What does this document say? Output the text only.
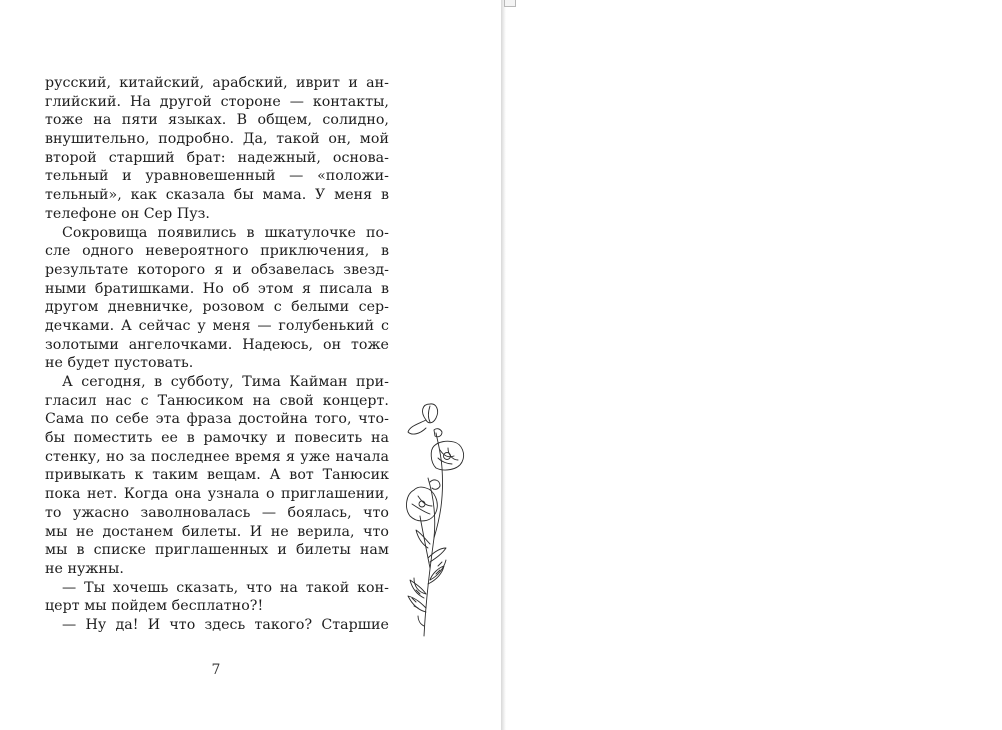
русский, китайский, арабский, иврит и ан-
глийский. На другой стороне — контакты,
тоже на пяти языках. В общем, солидно,
внушительно, подробно. Да, такой он, мой
второй старший брат: надежный, основа-
тельный и уравновешенный — «положи-
тельный», как сказала бы мама. У меня в
телефоне он Сер Пуз.
Сокровища появились в шкатулочке по-
сле одного невероятного приключения, в
результате которого я и обзавелась звезд-
ными братишками. Но об этом я писала в
другом дневничке, розовом с белыми сер-
дечками. А сейчас у меня — голубенький с
золотыми ангелочками. Надеюсь, он тоже
не будет пустовать.
А сегодня, в субботу, Тима Кайман при-
гласил нас с Танюсиком на свой концерт.
Сама по себе эта фраза достойна того, что-
бы поместить ее в рамочку и повесить на
стенку, но за последнее время я уже начала
привыкать к таким вещам. А вот Танюсик
пока нет. Когда она узнала о приглашении,
то ужасно заволновалась — боялась, что
мы не достанем билеты. И не верила, что
мы в списке приглашенных и билеты нам
не нужны.
— Ты хочешь сказать, что на такой кон-
церт мы пойдем бесплатно?!
— Ну да! И что здесь такого? Старшие
7
